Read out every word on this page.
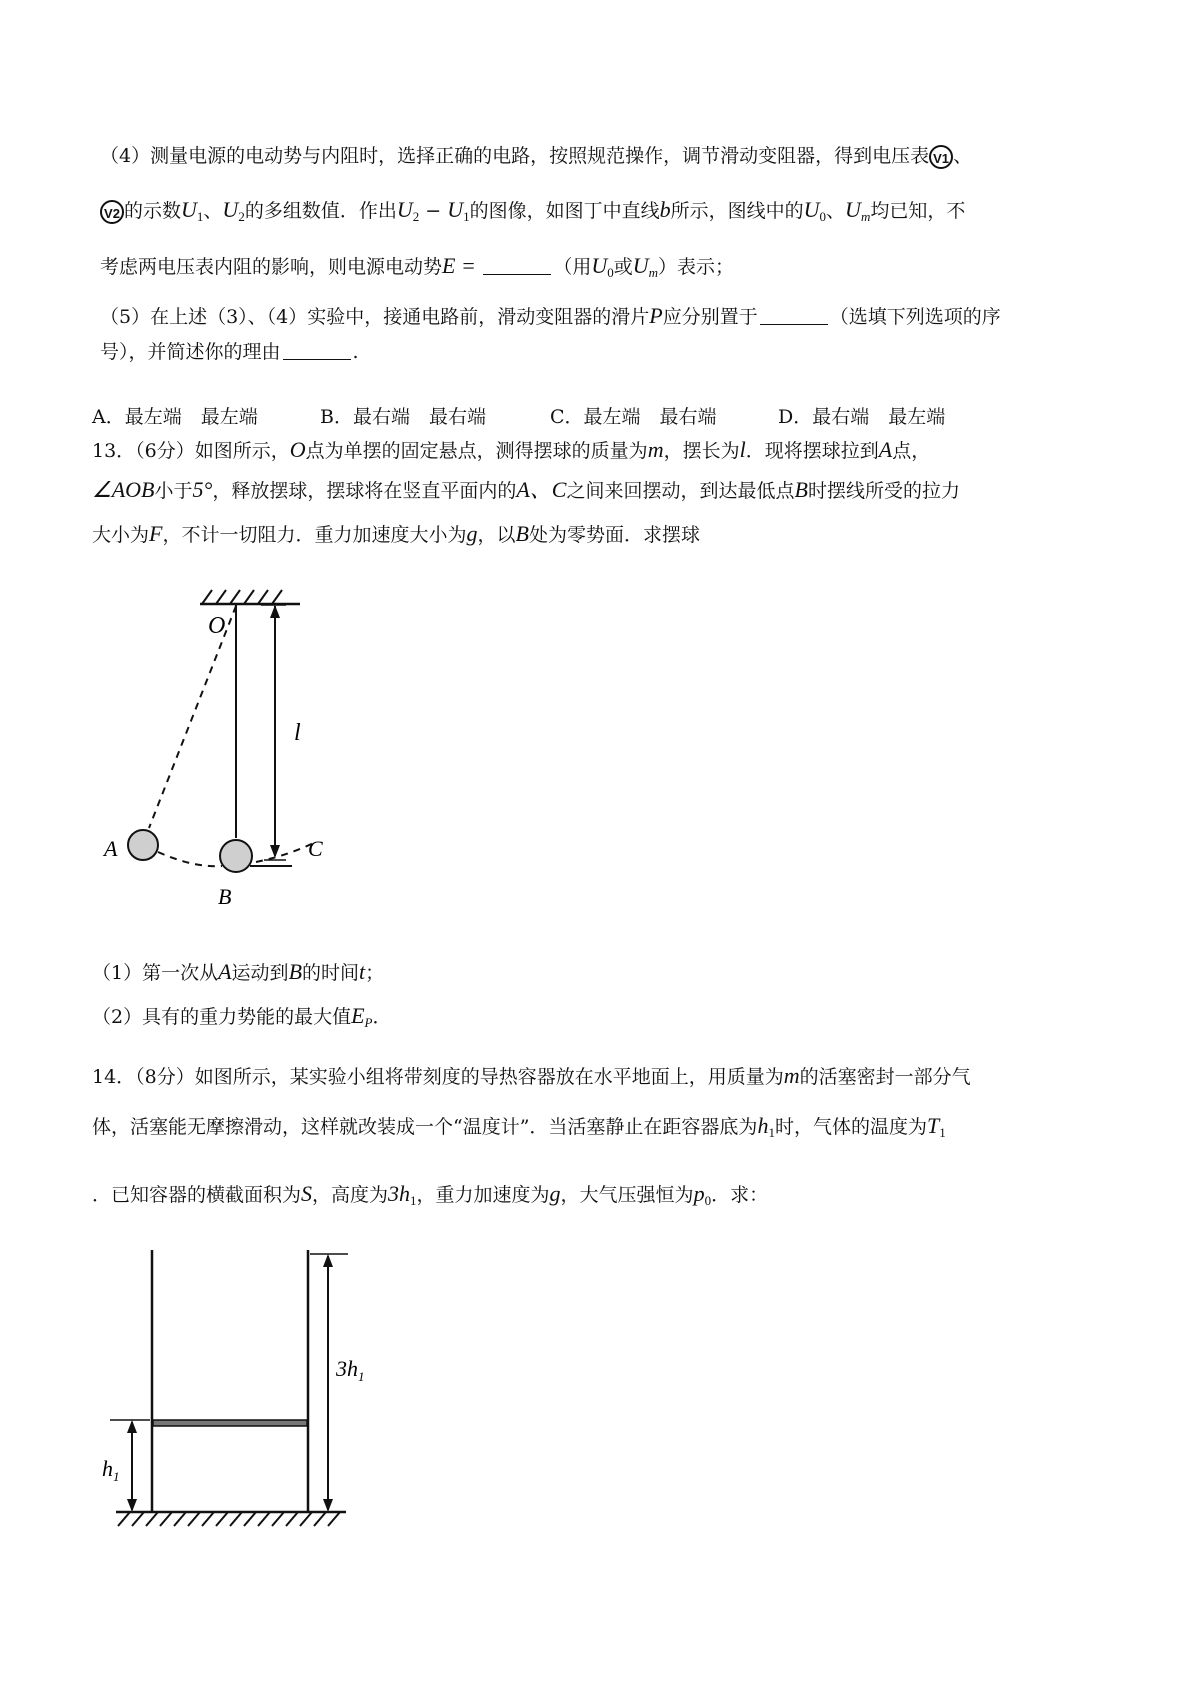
（4）测量电源的电动势与内阻时，选择正确的电路，按照规范操作，调节滑动变阻器，得到电压表 V1 、
V2 的示数$U_1$、$U_2$的多组数值．作出$U_2 - U_1$的图像，如图丁中直线b所示，图线中的$U_0$、$U_m$均已知，不
考虑两电压表内阻的影响，则电源电动势E =	（用$U_0$或$U_m$）表示；
（5）在上述（3）、（4）实验中，接通电路前，滑动变阻器的滑片P应分别置于	（选填下列选项的序
号），并简述你的理由	.
A．最左端　最左端	B．最右端　最右端	C．最左端　最右端	D．最右端　最左端
13．（6分）如图所示，O点为单摆的固定悬点，测得摆球的质量为m，摆长为l．现将摆球拉到A点，
∠AOB小于5°，释放摆球，摆球将在竖直平面内的A、C之间来回摆动，到达最低点B时摆线所受的拉力
大小为F，不计一切阻力．重力加速度大小为g，以B处为零势面．求摆球
O
l
A
B
C
（1）第一次从A运动到B的时间t；
（2）具有的重力势能的最大值$E_P$．
14．（8分）如图所示，某实验小组将带刻度的导热容器放在水平地面上，用质量为m的活塞密封一部分气
体，活塞能无摩擦滑动，这样就改装成一个“温度计”．当活塞静止在距容器底为$h_1$时，气体的温度为$T_1$
．已知容器的横截面积为S，高度为$3h_1$，重力加速度为g，大气压强恒为$p_0$．求：
$3h_1$
$h_1$
